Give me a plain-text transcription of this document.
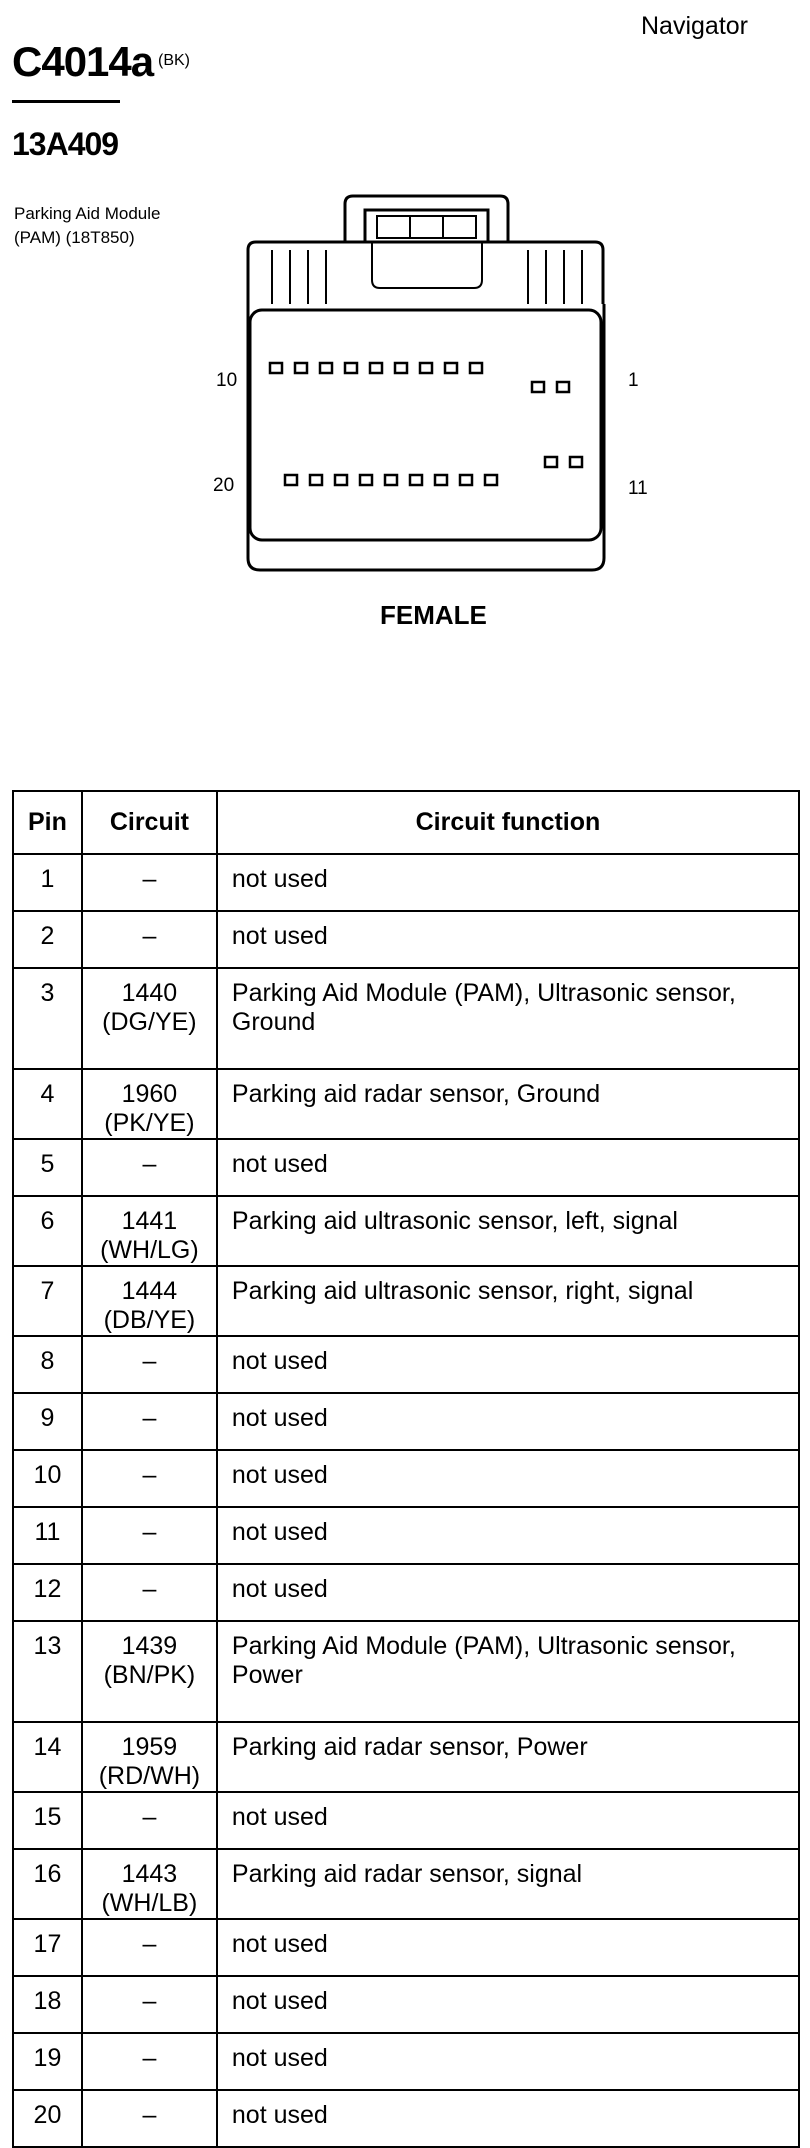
Navigator
C4014a (BK)
13A409
Parking Aid Module
(PAM) (18T850)
10	1
20	11
FEMALE
Pin	Circuit	Circuit function
1	–	not used
2	–	not used
3	1440 (DG/YE)	Parking Aid Module (PAM), Ultrasonic sensor, Ground
4	1960 (PK/YE)	Parking aid radar sensor, Ground
5	–	not used
6	1441 (WH/LG)	Parking aid ultrasonic sensor, left, signal
7	1444 (DB/YE)	Parking aid ultrasonic sensor, right, signal
8	–	not used
9	–	not used
10	–	not used
11	–	not used
12	–	not used
13	1439 (BN/PK)	Parking Aid Module (PAM), Ultrasonic sensor, Power
14	1959 (RD/WH)	Parking aid radar sensor, Power
15	–	not used
16	1443 (WH/LB)	Parking aid radar sensor, signal
17	–	not used
18	–	not used
19	–	not used
20	–	not used
